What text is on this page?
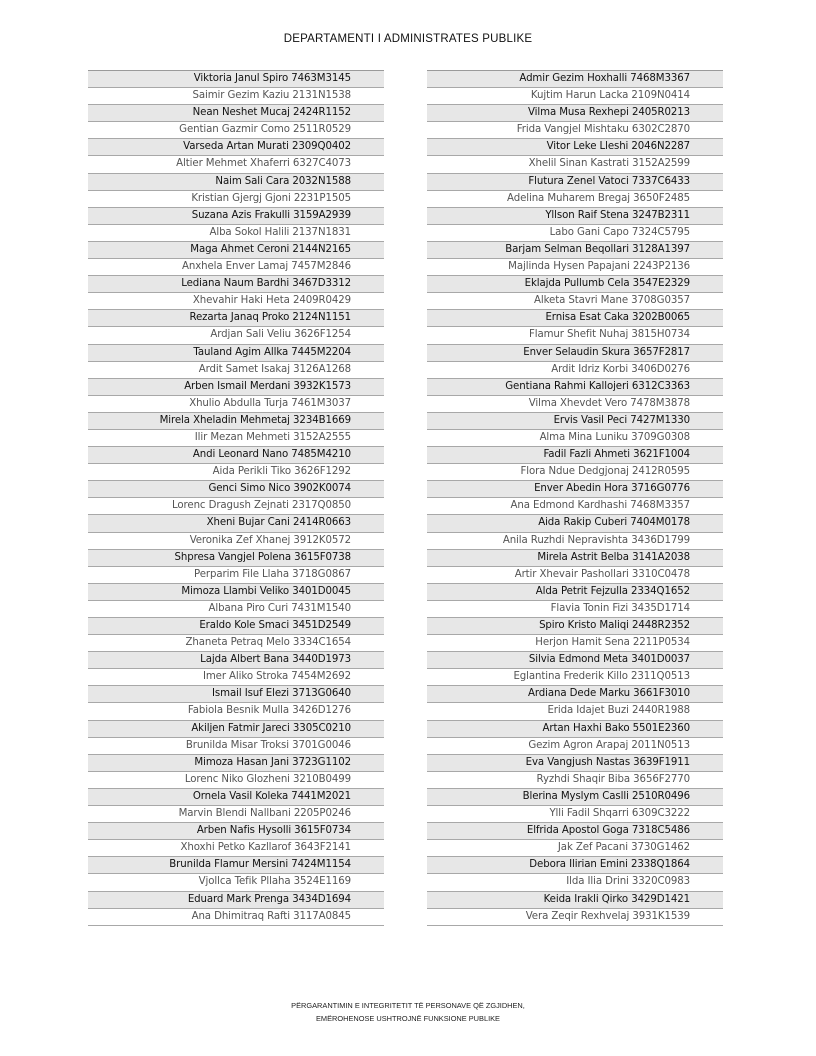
DEPARTAMENTI I ADMINISTRATES PUBLIKE
Viktoria Janul Spiro 7463M3145
Saimir Gezim Kaziu 2131N1538
Nean Neshet Mucaj 2424R1152
Gentian Gazmir Como 2511R0529
Varseda Artan Murati 2309Q0402
Altier Mehmet Xhaferri 6327C4073
Naim Sali Cara 2032N1588
Kristian Gjergj Gjoni 2231P1505
Suzana Azis Frakulli 3159A2939
Alba Sokol Halili 2137N1831
Maga Ahmet Ceroni 2144N2165
Anxhela Enver Lamaj 7457M2846
Lediana Naum Bardhi 3467D3312
Xhevahir Haki Heta 2409R0429
Rezarta Janaq Proko 2124N1151
Ardjan Sali Veliu 3626F1254
Tauland Agim Allka 7445M2204
Ardit Samet Isakaj 3126A1268
Arben Ismail Merdani 3932K1573
Xhulio Abdulla Turja 7461M3037
Mirela Xheladin Mehmetaj 3234B1669
Ilir Mezan Mehmeti 3152A2555
Andi Leonard Nano 7485M4210
Aida Perikli Tiko 3626F1292
Genci Simo Nico 3902K0074
Lorenc Dragush Zejnati 2317Q0850
Xheni Bujar Cani 2414R0663
Veronika Zef Xhanej 3912K0572
Shpresa Vangjel Polena 3615F0738
Perparim File Llaha 3718G0867
Mimoza Llambi Veliko 3401D0045
Albana Piro Curi 7431M1540
Eraldo Kole Smaci 3451D2549
Zhaneta Petraq Melo 3334C1654
Lajda Albert Bana 3440D1973
Imer Aliko Stroka 7454M2692
Ismail Isuf Elezi 3713G0640
Fabiola Besnik Mulla 3426D1276
Akiljen Fatmir Jareci 3305C0210
Brunilda Misar Troksi 3701G0046
Mimoza Hasan Jani 3723G1102
Lorenc Niko Glozheni 3210B0499
Ornela Vasil Koleka 7441M2021
Marvin Blendi Nallbani 2205P0246
Arben Nafis Hysolli 3615F0734
Xhoxhi Petko Kazllarof 3643F2141
Brunilda Flamur Mersini 7424M1154
Vjollca Tefik Pllaha 3524E1169
Eduard Mark Prenga 3434D1694
Ana Dhimitraq Rafti 3117A0845
Admir Gezim Hoxhalli 7468M3367
Kujtim Harun Lacka 2109N0414
Vilma Musa Rexhepi 2405R0213
Frida Vangjel Mishtaku 6302C2870
Vitor Leke Lleshi 2046N2287
Xhelil Sinan Kastrati 3152A2599
Flutura Zenel Vatoci 7337C6433
Adelina Muharem Bregaj 3650F2485
Yllson Raif Stena 3247B2311
Labo Gani Capo 7324C5795
Barjam Selman Beqollari 3128A1397
Majlinda Hysen Papajani 2243P2136
Eklajda Pullumb Cela 3547E2329
Alketa Stavri Mane 3708G0357
Ernisa Esat Caka 3202B0065
Flamur Shefit Nuhaj 3815H0734
Enver Selaudin Skura 3657F2817
Ardit Idriz Korbi 3406D0276
Gentiana Rahmi Kallojeri 6312C3363
Vilma Xhevdet Vero 7478M3878
Ervis Vasil Peci 7427M1330
Alma Mina Luniku 3709G0308
Fadil Fazli Ahmeti 3621F1004
Flora Ndue Dedgjonaj 2412R0595
Enver Abedin Hora 3716G0776
Ana Edmond Kardhashi 7468M3357
Aida Rakip Cuberi 7404M0178
Anila Ruzhdi Nepravishta 3436D1799
Mirela Astrit Belba 3141A2038
Artir Xhevair Pashollari 3310C0478
Alda Petrit Fejzulla 2334Q1652
Flavia Tonin Fizi 3435D1714
Spiro Kristo Maliqi 2448R2352
Herjon Hamit Sena 2211P0534
Silvia Edmond Meta 3401D0037
Eglantina Frederik Killo 2311Q0513
Ardiana Dede Marku 3661F3010
Erida Idajet Buzi 2440R1988
Artan Haxhi Bako 5501E2360
Gezim Agron Arapaj 2011N0513
Eva Vangjush Nastas 3639F1911
Ryzhdi Shaqir Biba 3656F2770
Blerina Myslym Caslli 2510R0496
Ylli Fadil Shqarri 6309C3222
Elfrida Apostol Goga 7318C5486
Jak Zef Pacani 3730G1462
Debora Ilirian Emini 2338Q1864
Ilda Ilia Drini 3320C0983
Keida Irakli Qirko 3429D1421
Vera Zeqir Rexhvelaj 3931K1539
PËRGARANTIMIN E INTEGRITETIT TË PERSONAVE QË ZGJIDHEN,
EMËROHENOSE USHTROJNË FUNKSIONE PUBLIKE
